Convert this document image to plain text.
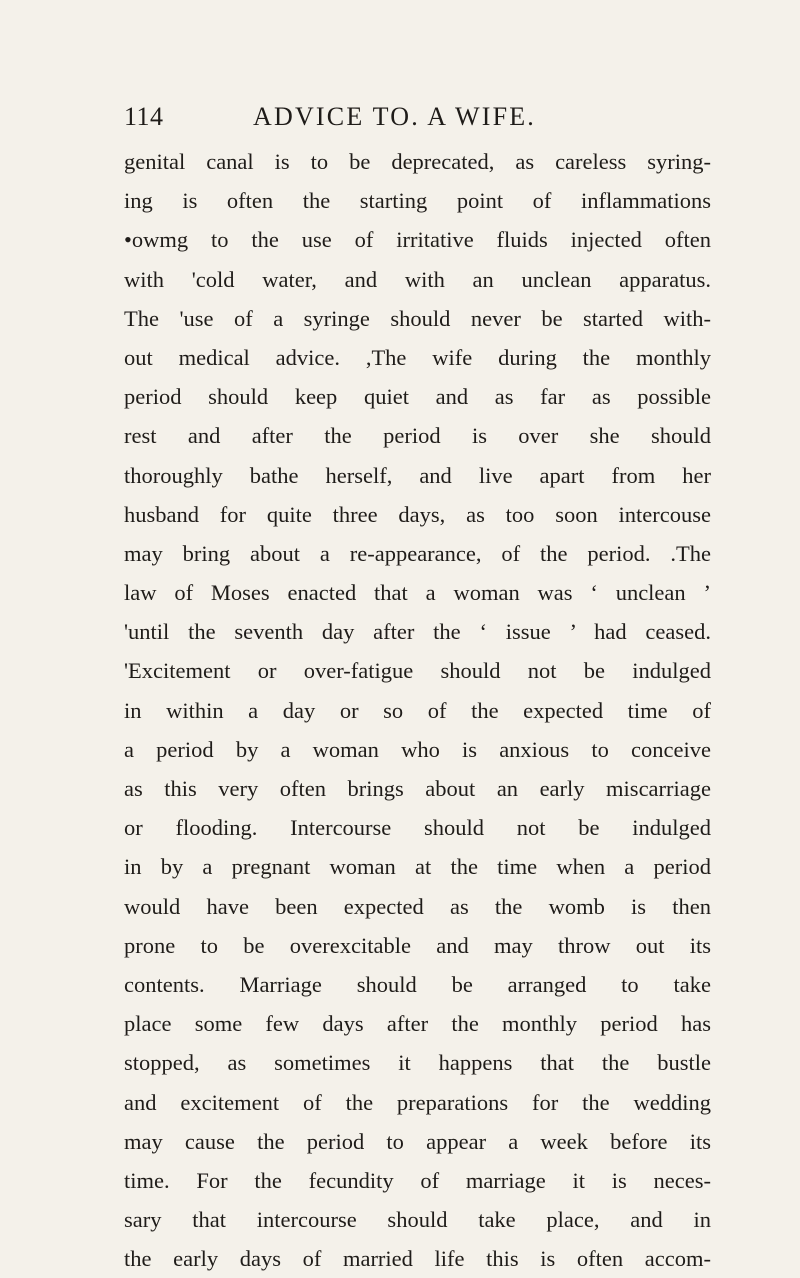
114	ADVICE TO. A WIFE.
genital canal is to be deprecated, as careless syring-
ing is often the starting point of inflammations
•owmg to the use of irritative fluids injected often
with 'cold water, and with an unclean apparatus.
The 'use of a syringe should never be started with-
out medical advice. ,The wife during the monthly
period should keep quiet and as far as possible
rest and after the period is over she should
thoroughly bathe herself, and live apart from her
husband for quite three days, as too soon intercouse
may bring about a re-appearance, of the period. .The
law of Moses enacted that a woman was ‘ unclean ’
'until the seventh day after the ‘ issue ’ had ceased.
'Excitement or over-fatigue should not be indulged
in within a day or so of the expected time of
a period by a woman who is anxious to conceive
as this very often brings about an early miscarriage
or flooding. Intercourse should not be indulged
in by a pregnant woman at the time when a period
would have been expected as the womb is then
prone to be overexcitable and may throw out its
contents. Marriage should be arranged to take
place some few days after the monthly period has
stopped, as sometimes it happens that the bustle
and excitement of the preparations for the wedding
may cause the period to appear a week before its
time. For the fecundity of marriage it is neces-
sary that intercourse should take place, and in
the early days of married life this is often accom-
